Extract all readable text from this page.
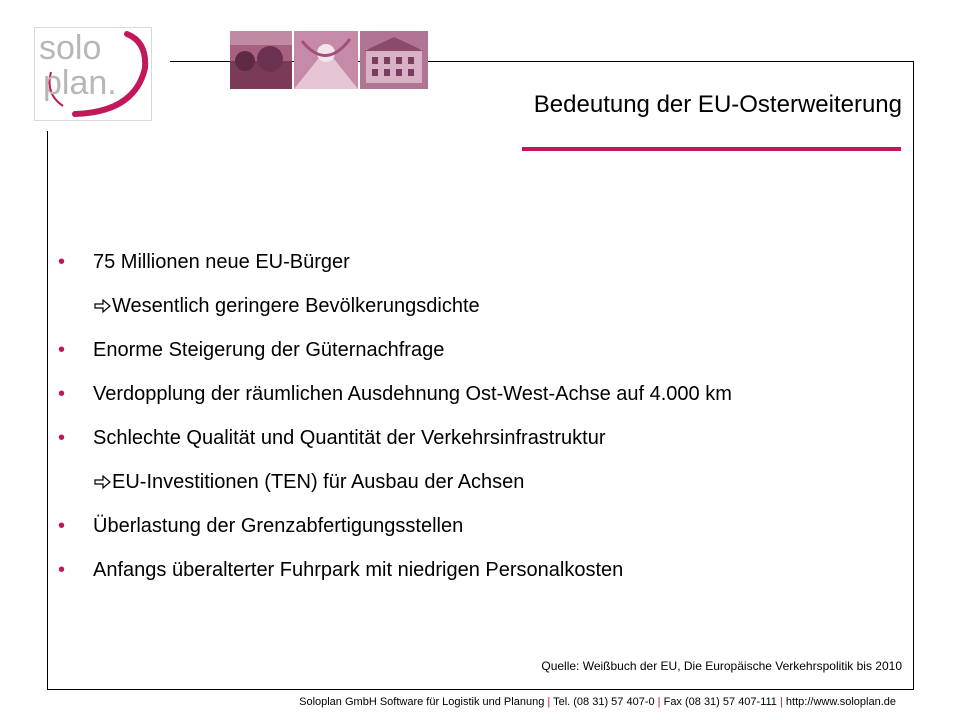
solo
plan.
Bedeutung der EU-Osterweiterung
• 75 Millionen neue EU-Bürger
Wesentlich geringere Bevölkerungsdichte
• Enorme Steigerung der Güternachfrage
• Verdopplung der räumlichen Ausdehnung Ost-West-Achse auf 4.000 km
• Schlechte Qualität und Quantität der Verkehrsinfrastruktur
EU-Investitionen (TEN) für Ausbau der Achsen
• Überlastung der Grenzabfertigungsstellen
• Anfangs überalterter Fuhrpark mit niedrigen Personalkosten
Quelle: Weißbuch der EU, Die Europäische Verkehrspolitik bis 2010
Soloplan GmbH Software für Logistik und Planung | Tel. (08 31) 57 407-0 | Fax (08 31) 57 407-111 | http://www.soloplan.de
